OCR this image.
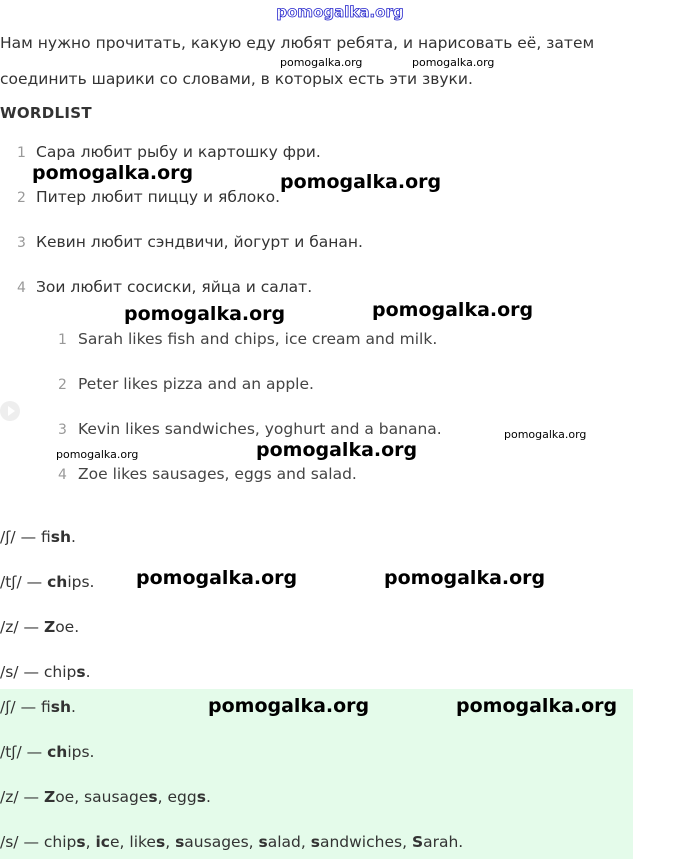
pomogalka.org
Нам нужно прочитать, какую еду любят ребята, и нарисовать её, затем
pomogalka.org	pomogalka.org
соединить шарики со словами, в которых есть эти звуки.
WORDLIST
1 Сара любит рыбу и картошку фри.
pomogalka.org	pomogalka.org
2 Питер любит пиццу и яблоко.
3 Кевин любит сэндвичи, йогурт и банан.
4 Зои любит сосиски, яйца и салат.
pomogalka.org	pomogalka.org
1 Sarah likes fish and chips, ice cream and milk.
2 Peter likes pizza and an apple.
3 Kevin likes sandwiches, yoghurt and a banana.	pomogalka.org
pomogalka.org
pomogalka.org
4 Zoe likes sausages, eggs and salad.
/ʃ/ — fish.
/tʃ/ — chips. pomogalka.org	pomogalka.org
/z/ — Zoe.
/s/ — chips.
/ʃ/ — fish.	pomogalka.org	pomogalka.org
/tʃ/ — chips.
/z/ — Zoe, sausages, eggs.
/s/ — chips, ice, likes, sausages, salad, sandwiches, Sarah.
